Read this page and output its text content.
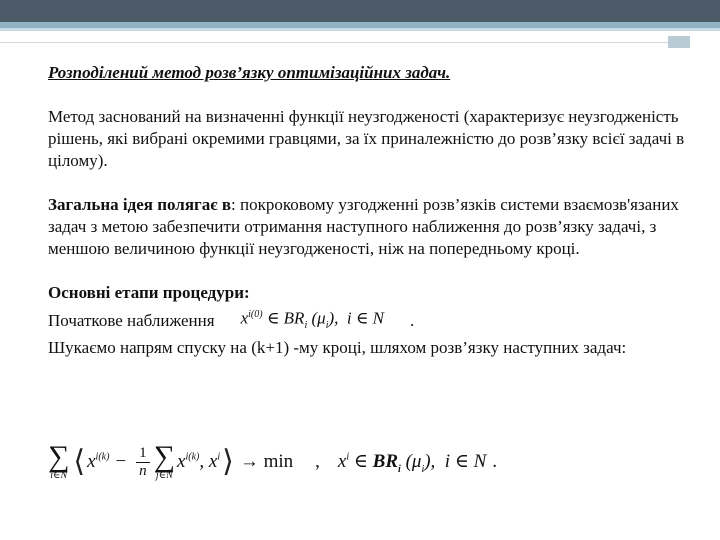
Розподілений метод розв’язку оптимізаційних задач.

Метод заснований на визначенні функції неузгодженості (характеризує неузгодженість рішень, які вибрані окремими гравцями, за їх приналежністю до розв’язку всієї задачі в цілому).

Загальна ідея полягає в: покроковому узгодженні розв’язків системи взаємозв'язаних задач з метою забезпечити отримання наступного наближення до розв’язку задачі, з меншою величиною функції неузгодженості, ніж на попередньому кроці.

Основні етапи процедури:

Початкове наближення $x^{i(0)}$ ∈ $BR_i$ $(\mu_i)$,  i ∈ N .

Шукаємо напрям спуску на (k+1) -му кроці, шляхом розв’язку наступних задач:

∑
i∈N ⟨ $x^{i(k)} - \frac{1}{n}$ ∑
j∈N
$x^{i(k)}$, $x^i$ ⟩ → min , $x^i$ ∈ $BR_i$ $(\mu_i)$,  i ∈ N .
